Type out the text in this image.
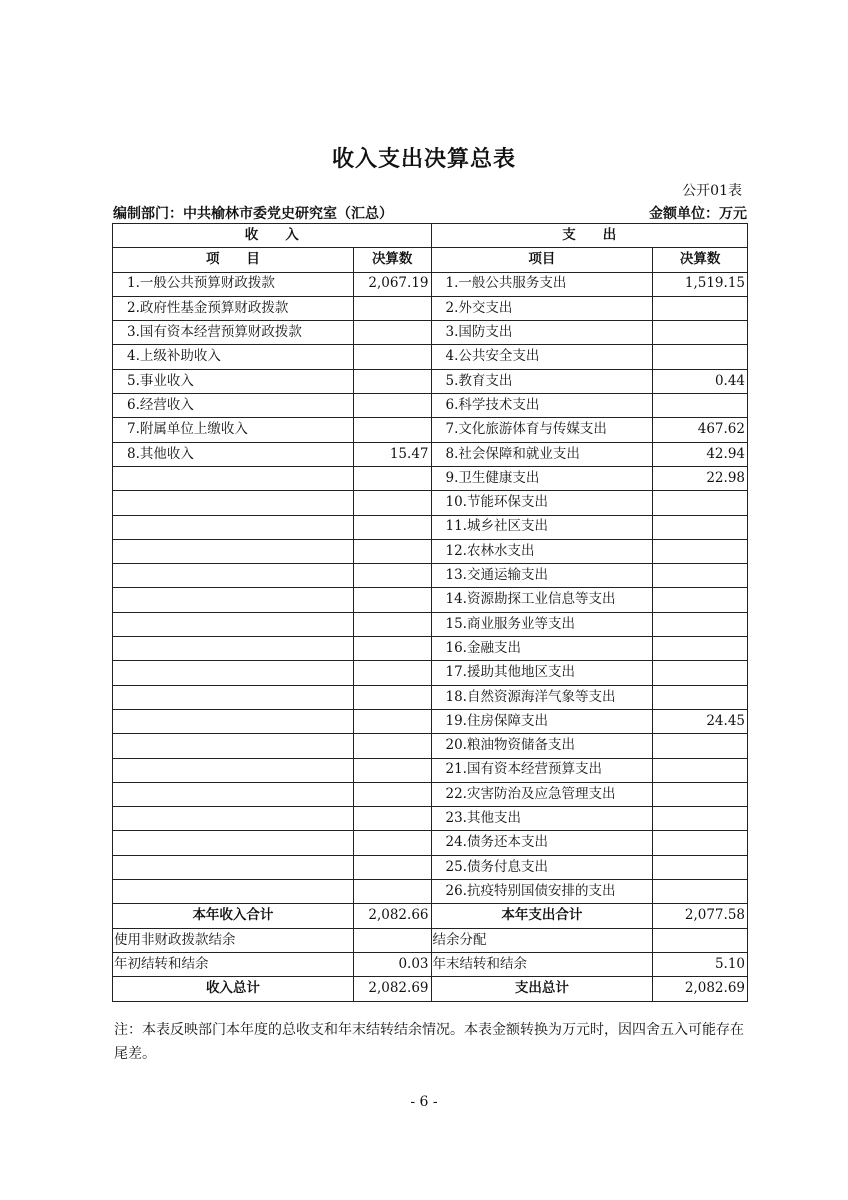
收入支出决算总表
公开01表
编制部门：中共榆林市委党史研究室（汇总）	金额单位：万元
收　　入		支　　出	
项　　目	决算数	项目	决算数
1.一般公共预算财政拨款	2,067.19	1.一般公共服务支出	1,519.15
2.政府性基金预算财政拨款		2.外交支出	
3.国有资本经营预算财政拨款		3.国防支出	
4.上级补助收入		4.公共安全支出	
5.事业收入		5.教育支出	0.44
6.经营收入		6.科学技术支出	
7.附属单位上缴收入		7.文化旅游体育与传媒支出	467.62
8.其他收入	15.47	8.社会保障和就业支出	42.94
		9.卫生健康支出	22.98
		10.节能环保支出	
		11.城乡社区支出	
		12.农林水支出	
		13.交通运输支出	
		14.资源勘探工业信息等支出	
		15.商业服务业等支出	
		16.金融支出	
		17.援助其他地区支出	
		18.自然资源海洋气象等支出	
		19.住房保障支出	24.45
		20.粮油物资储备支出	
		21.国有资本经营预算支出	
		22.灾害防治及应急管理支出	
		23.其他支出	
		24.债务还本支出	
		25.债务付息支出	
		26.抗疫特别国债安排的支出	
本年收入合计	2,082.66	本年支出合计	2,077.58
使用非财政拨款结余		结余分配	
年初结转和结余	0.03	年末结转和结余	5.10
收入总计	2,082.69	支出总计	2,082.69
注：本表反映部门本年度的总收支和年末结转结余情况。本表金额转换为万元时，因四舍五入可能存在尾差。
- 6 -
